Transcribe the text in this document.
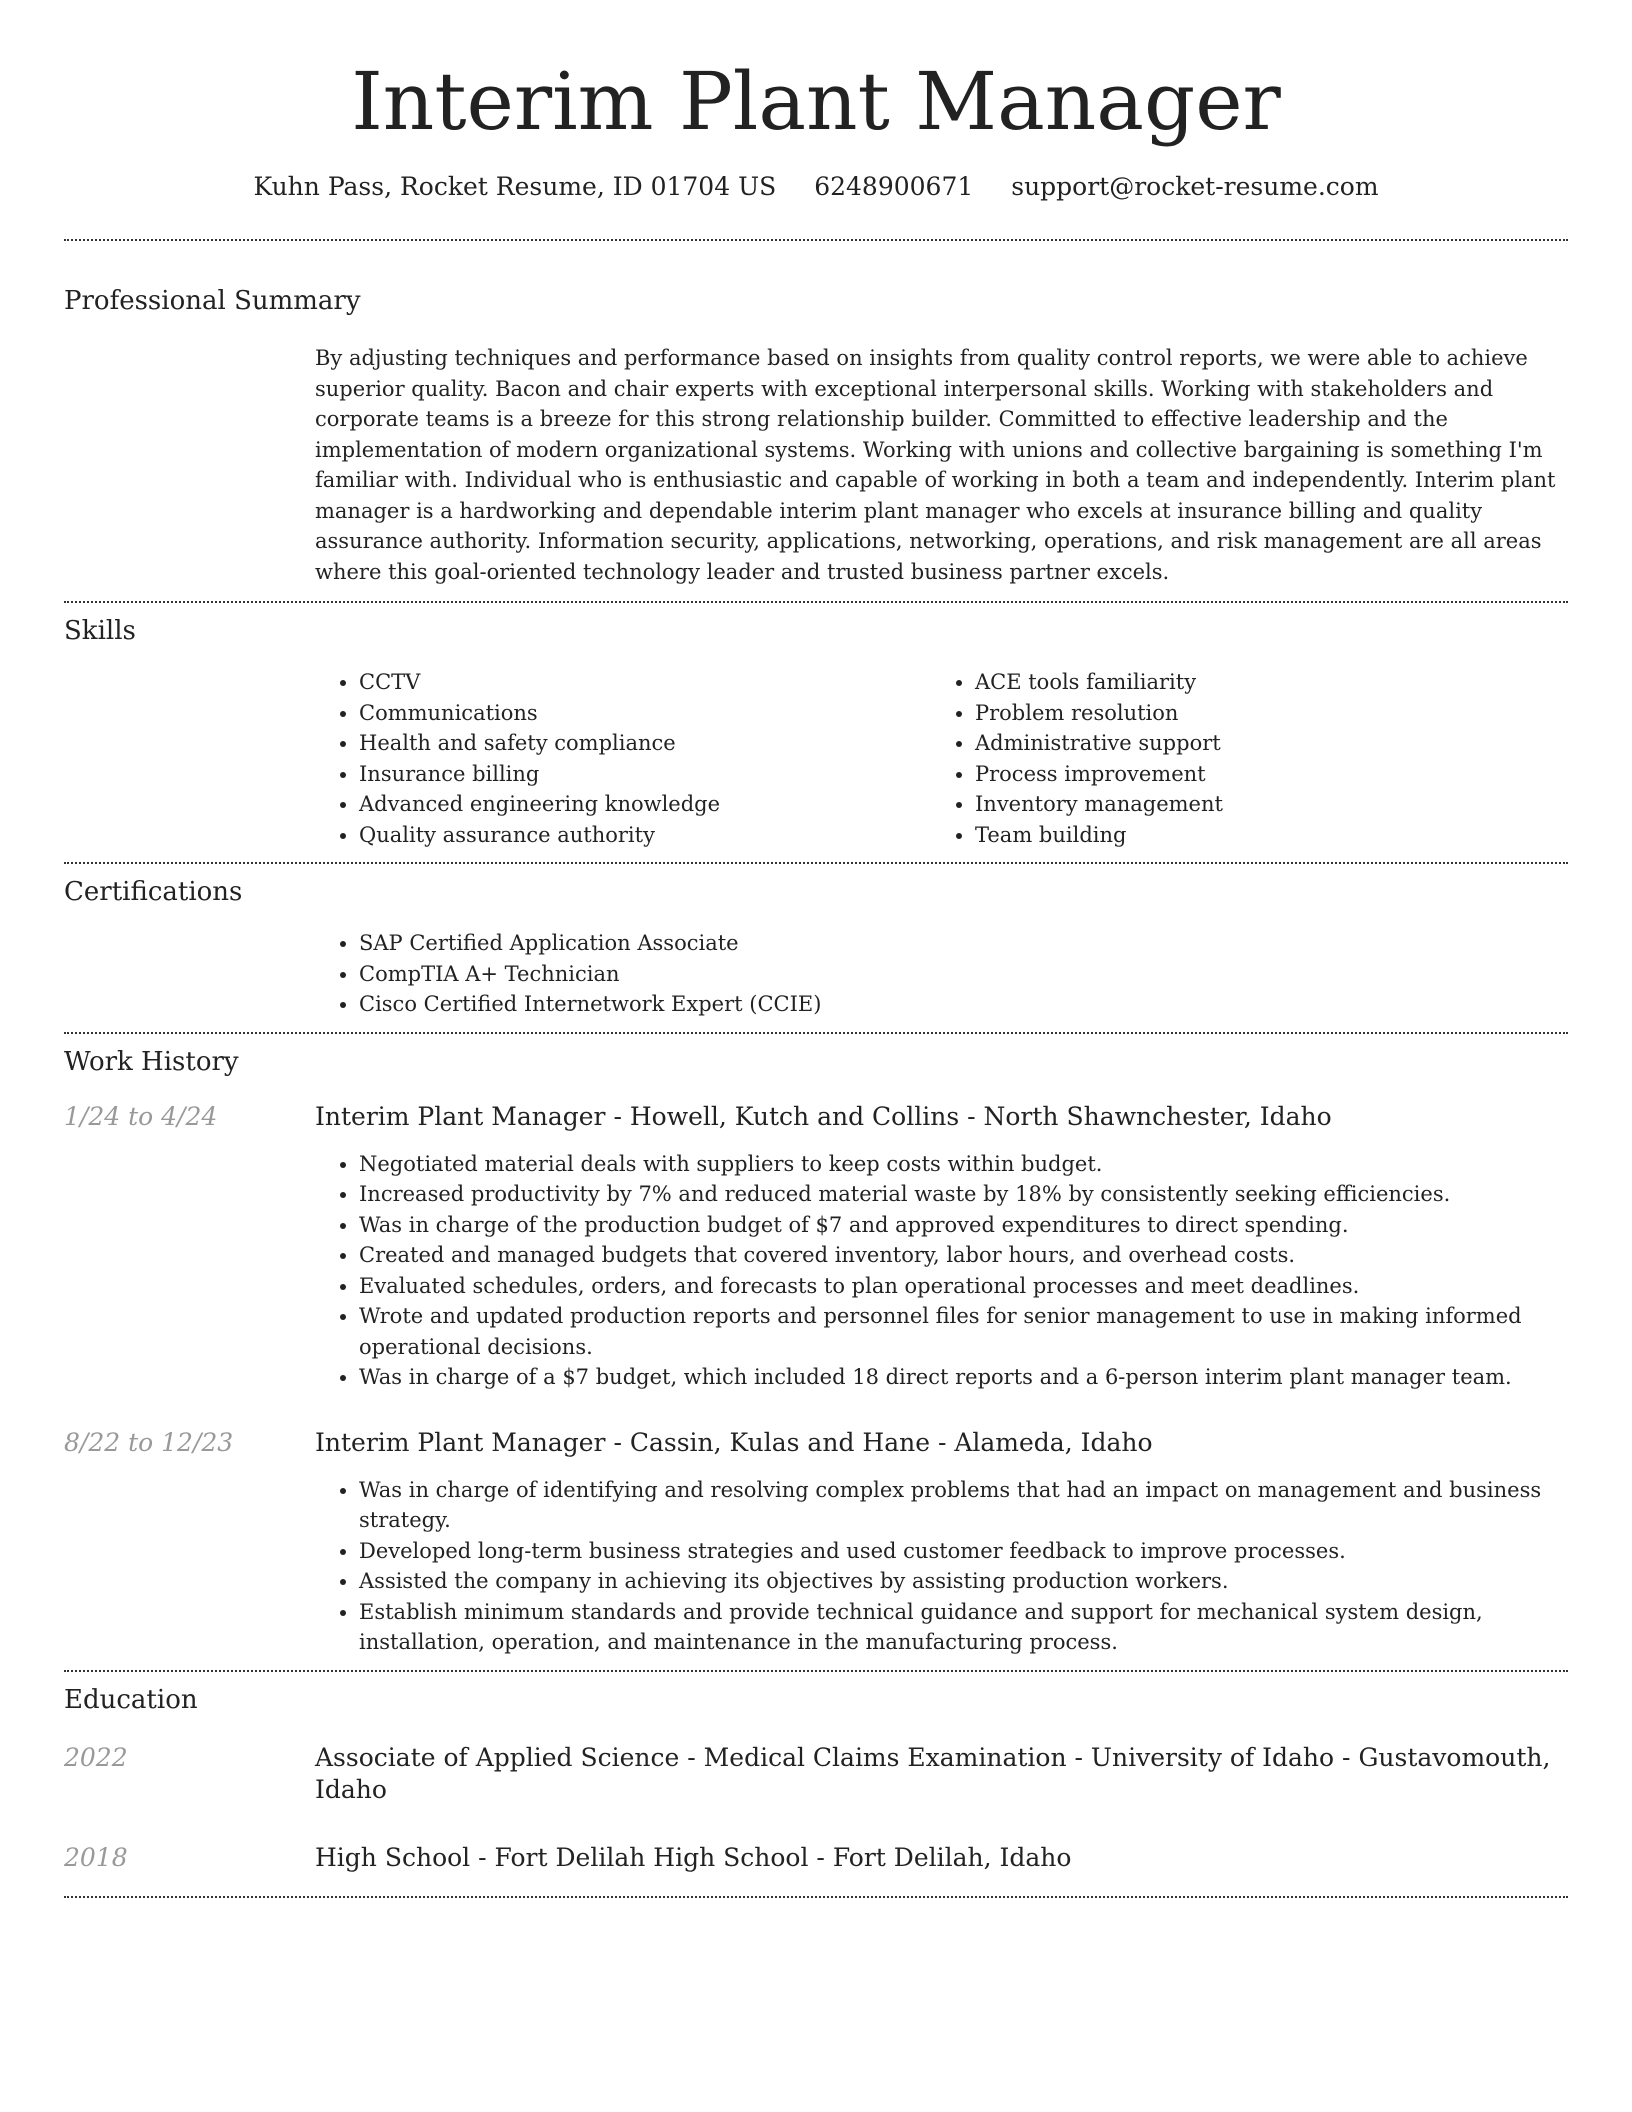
Interim Plant Manager
Kuhn Pass, Rocket Resume, ID 01704 US 6248900671 support@rocket-resume.com
Professional Summary

By adjusting techniques and performance based on insights from quality control reports, we were able to achieve superior quality. Bacon and chair experts with exceptional interpersonal skills. Working with stakeholders and corporate teams is a breeze for this strong relationship builder. Committed to effective leadership and the implementation of modern organizational systems. Working with unions and collective bargaining is something I'm familiar with. Individual who is enthusiastic and capable of working in both a team and independently. Interim plant manager is a hardworking and dependable interim plant manager who excels at insurance billing and quality assurance authority. Information security, applications, networking, operations, and risk management are all areas where this goal-oriented technology leader and trusted business partner excels.

Skills
• CCTV
• Communications
• Health and safety compliance
• Insurance billing
• Advanced engineering knowledge
• Quality assurance authority
• ACE tools familiarity
• Problem resolution
• Administrative support
• Process improvement
• Inventory management
• Team building
Certifications
• SAP Certified Application Associate
• CompTIA A+ Technician
• Cisco Certified Internetwork Expert (CCIE)
Work History
1/24 to 4/24	Interim Plant Manager - Howell, Kutch and Collins - North Shawnchester, Idaho
• Negotiated material deals with suppliers to keep costs within budget.
• Increased productivity by 7% and reduced material waste by 18% by consistently seeking efficiencies.
• Was in charge of the production budget of $7 and approved expenditures to direct spending.
• Created and managed budgets that covered inventory, labor hours, and overhead costs.
• Evaluated schedules, orders, and forecasts to plan operational processes and meet deadlines.
• Wrote and updated production reports and personnel files for senior management to use in making informed operational decisions.
• Was in charge of a $7 budget, which included 18 direct reports and a 6-person interim plant manager team.
8/22 to 12/23	Interim Plant Manager - Cassin, Kulas and Hane - Alameda, Idaho
• Was in charge of identifying and resolving complex problems that had an impact on management and business strategy.
• Developed long-term business strategies and used customer feedback to improve processes.
• Assisted the company in achieving its objectives by assisting production workers.
• Establish minimum standards and provide technical guidance and support for mechanical system design, installation, operation, and maintenance in the manufacturing process.
Education
2022	Associate of Applied Science - Medical Claims Examination - University of Idaho - Gustavomouth, Idaho
2018	High School - Fort Delilah High School - Fort Delilah, Idaho
